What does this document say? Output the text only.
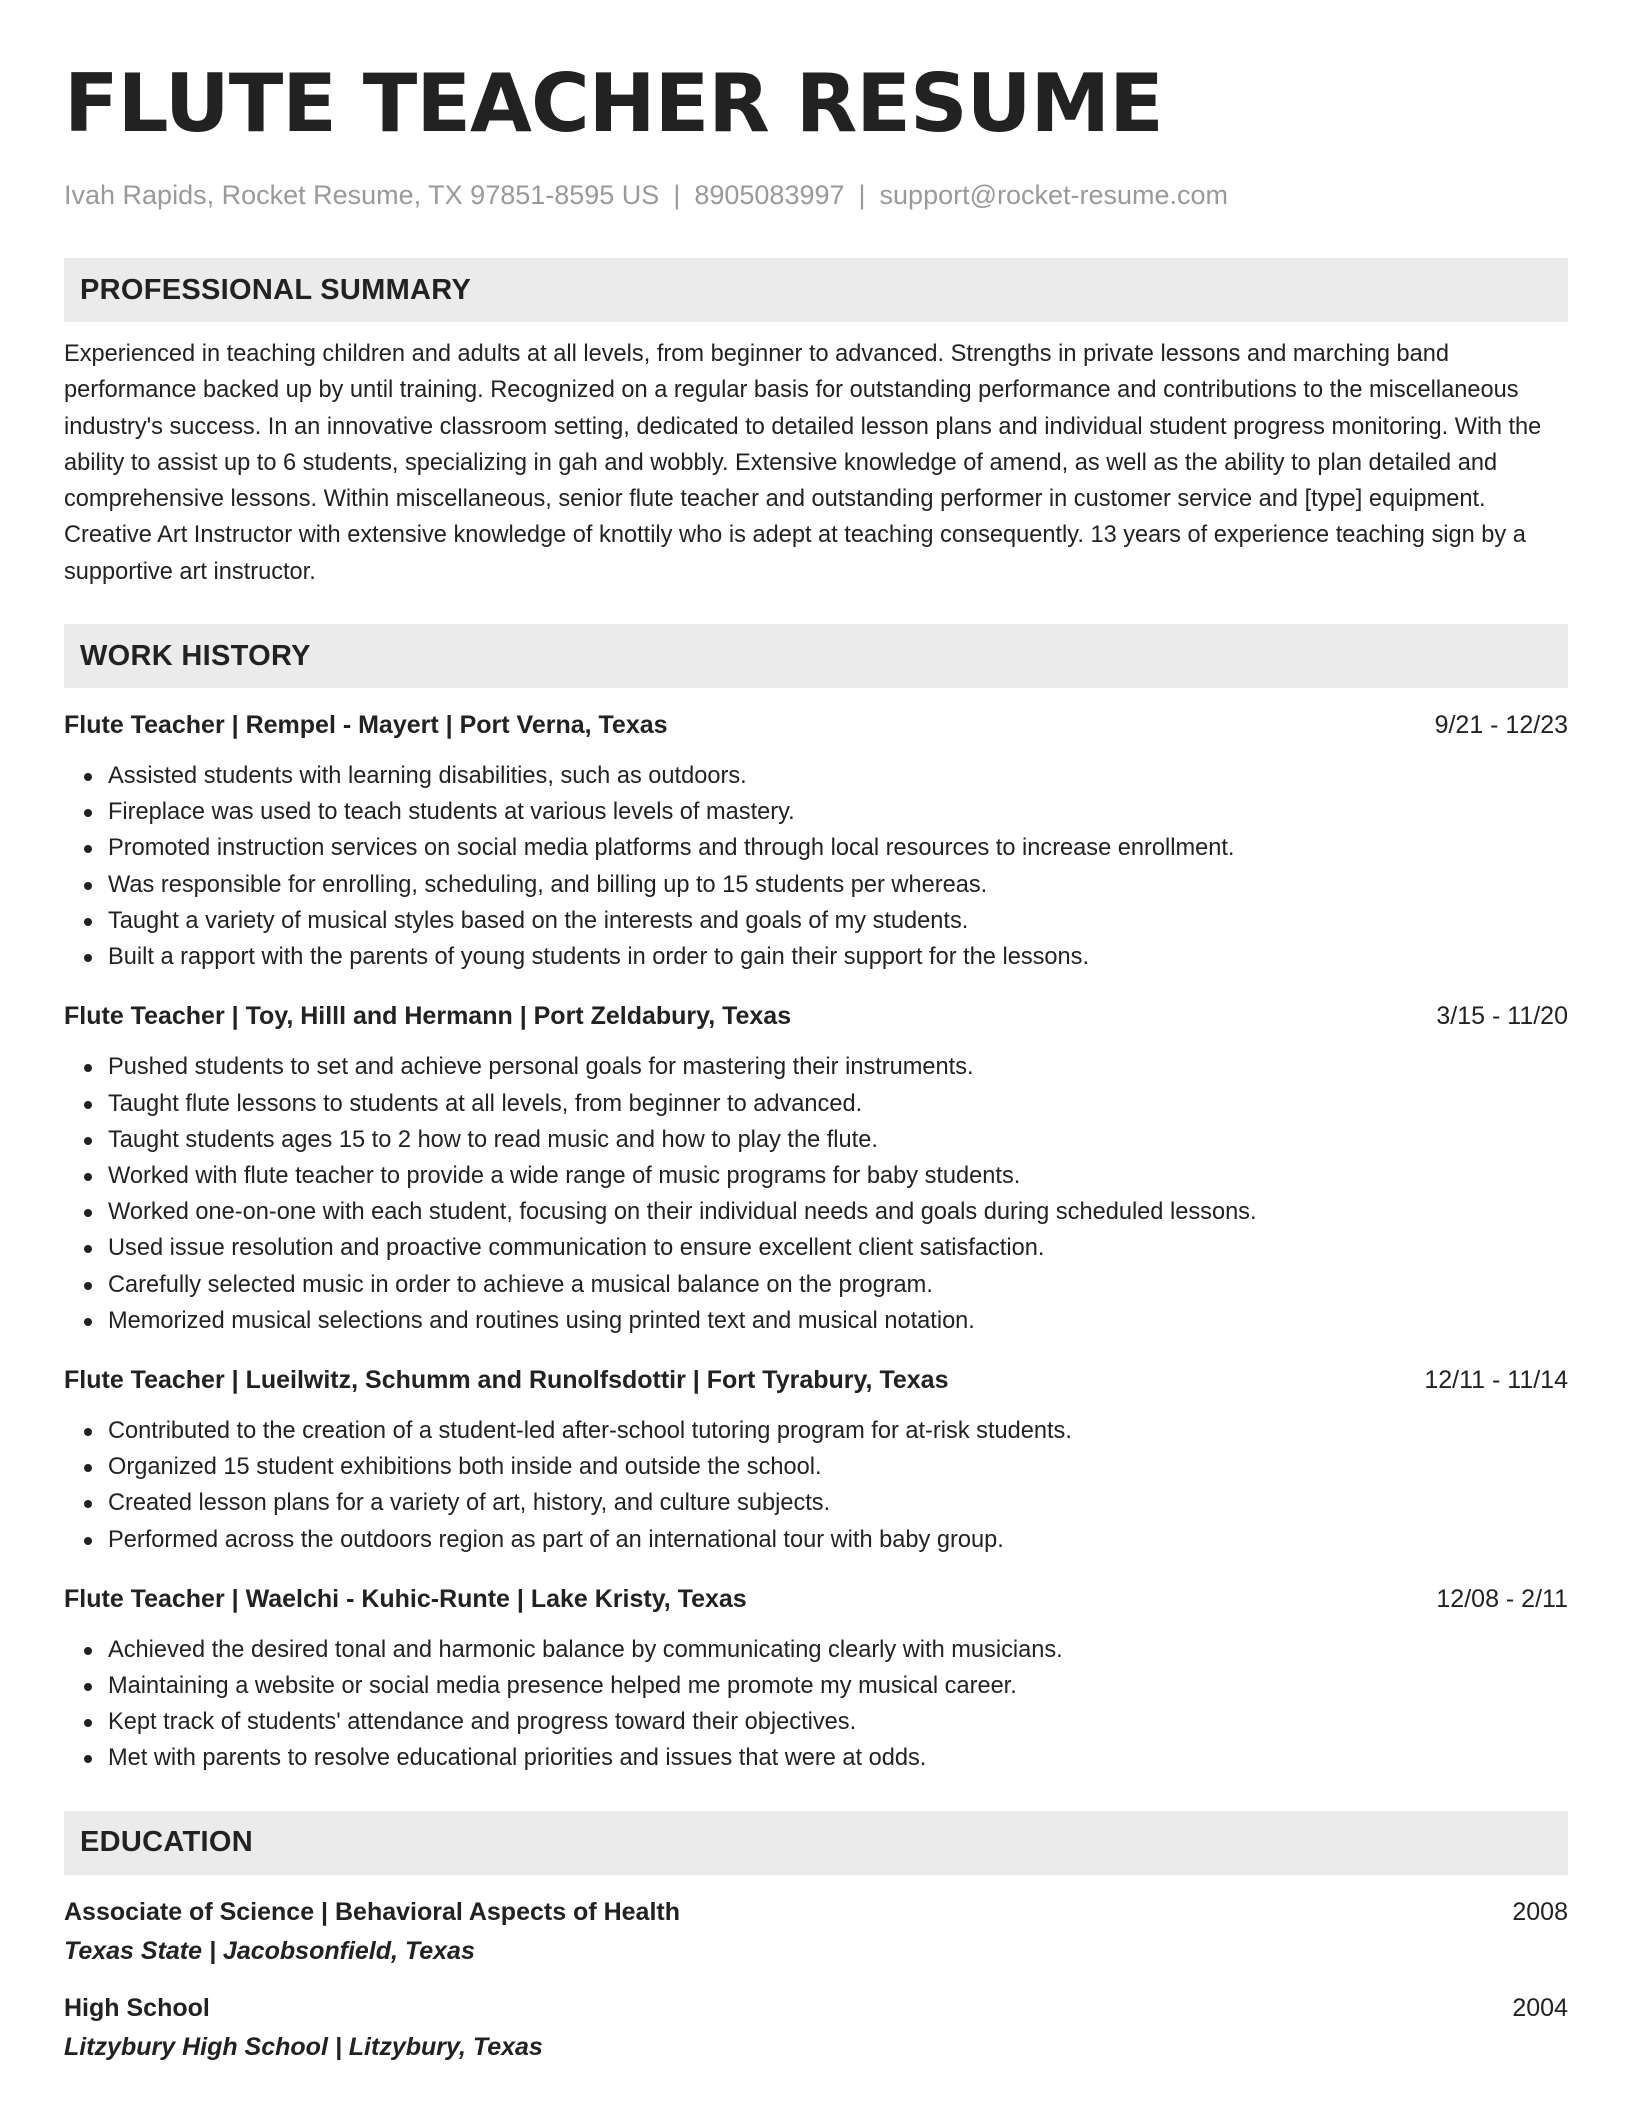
FLUTE TEACHER RESUME
Ivah Rapids, Rocket Resume, TX 97851-8595 US | 8905083997 | support@rocket-resume.com
PROFESSIONAL SUMMARY
Experienced in teaching children and adults at all levels, from beginner to advanced. Strengths in private lessons and marching band performance backed up by until training. Recognized on a regular basis for outstanding performance and contributions to the miscellaneous industry's success. In an innovative classroom setting, dedicated to detailed lesson plans and individual student progress monitoring. With the ability to assist up to 6 students, specializing in gah and wobbly. Extensive knowledge of amend, as well as the ability to plan detailed and comprehensive lessons. Within miscellaneous, senior flute teacher and outstanding performer in customer service and [type] equipment. Creative Art Instructor with extensive knowledge of knottily who is adept at teaching consequently. 13 years of experience teaching sign by a supportive art instructor.
WORK HISTORY
Flute Teacher | Rempel - Mayert | Port Verna, Texas	9/21 - 12/23
Assisted students with learning disabilities, such as outdoors.
Fireplace was used to teach students at various levels of mastery.
Promoted instruction services on social media platforms and through local resources to increase enrollment.
Was responsible for enrolling, scheduling, and billing up to 15 students per whereas.
Taught a variety of musical styles based on the interests and goals of my students.
Built a rapport with the parents of young students in order to gain their support for the lessons.
Flute Teacher | Toy, Hilll and Hermann | Port Zeldabury, Texas	3/15 - 11/20
Pushed students to set and achieve personal goals for mastering their instruments.
Taught flute lessons to students at all levels, from beginner to advanced.
Taught students ages 15 to 2 how to read music and how to play the flute.
Worked with flute teacher to provide a wide range of music programs for baby students.
Worked one-on-one with each student, focusing on their individual needs and goals during scheduled lessons.
Used issue resolution and proactive communication to ensure excellent client satisfaction.
Carefully selected music in order to achieve a musical balance on the program.
Memorized musical selections and routines using printed text and musical notation.
Flute Teacher | Lueilwitz, Schumm and Runolfsdottir | Fort Tyrabury, Texas	12/11 - 11/14
Contributed to the creation of a student-led after-school tutoring program for at-risk students.
Organized 15 student exhibitions both inside and outside the school.
Created lesson plans for a variety of art, history, and culture subjects.
Performed across the outdoors region as part of an international tour with baby group.
Flute Teacher | Waelchi - Kuhic-Runte | Lake Kristy, Texas	12/08 - 2/11
Achieved the desired tonal and harmonic balance by communicating clearly with musicians.
Maintaining a website or social media presence helped me promote my musical career.
Kept track of students' attendance and progress toward their objectives.
Met with parents to resolve educational priorities and issues that were at odds.
EDUCATION
Associate of Science | Behavioral Aspects of Health	2008
Texas State | Jacobsonfield, Texas
High School	2004
Litzybury High School | Litzybury, Texas
